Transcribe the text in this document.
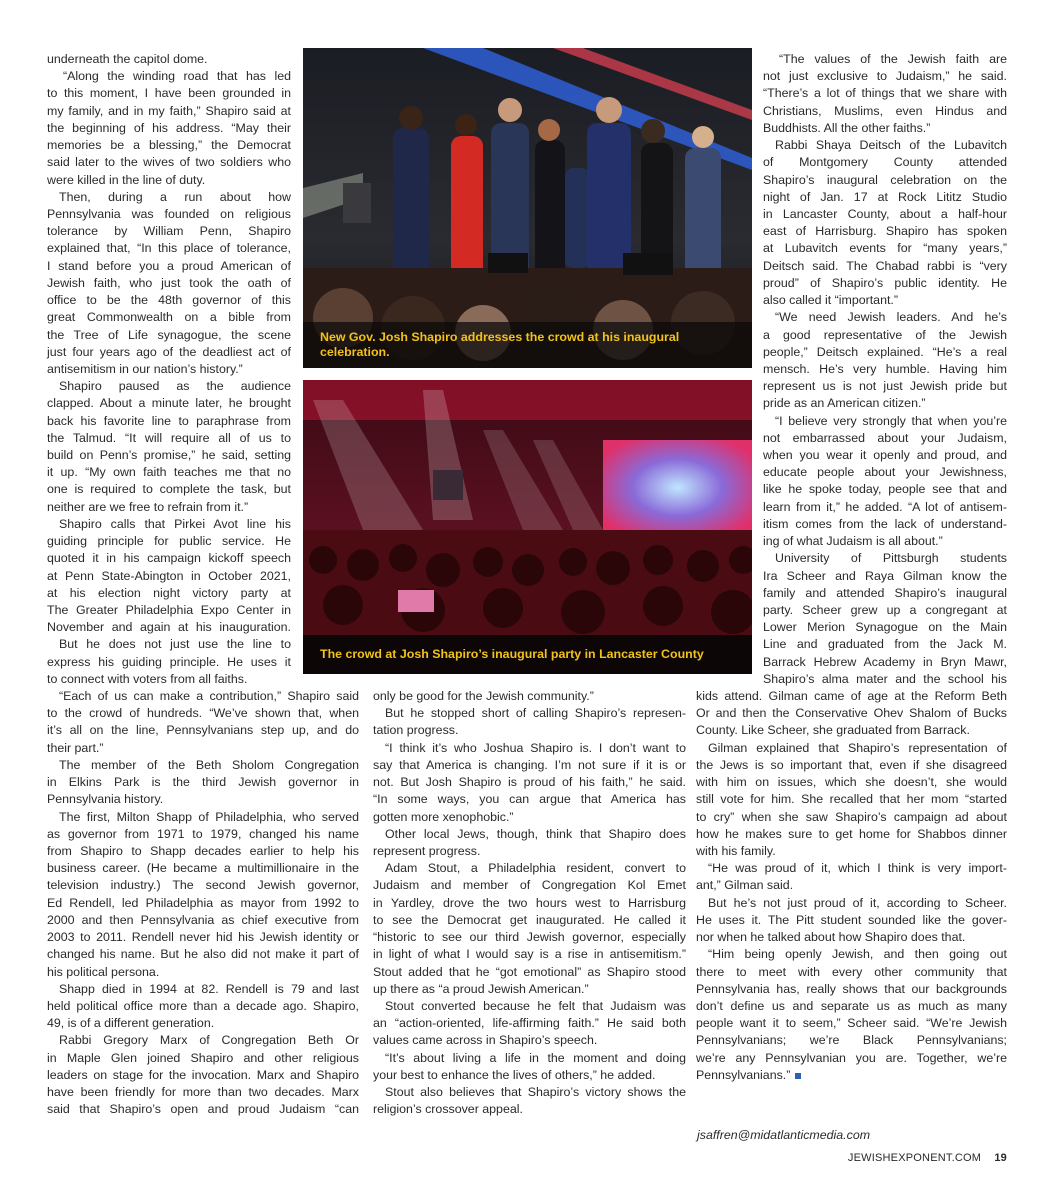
New Gov. Josh Shapiro addresses the crowd at his inaugural
celebration.
The crowd at Josh Shapiro’s inaugural party in Lancaster County
underneath the capitol dome.
“Along the winding road that has led
to this moment, I have been grounded in
my family, and in my faith,” Shapiro said at
the beginning of his address. “May their
memories be a blessing,” the Democrat
said later to the wives of two soldiers who
were killed in the line of duty.
Then, during a run about how
Pennsylvania was founded on religious
tolerance by William Penn, Shapiro
explained that, “In this place of tolerance,
I stand before you a proud American of
Jewish faith, who just took the oath of
office to be the 48th governor of this
great Commonwealth on a bible from
the Tree of Life synagogue, the scene
just four years ago of the deadliest act of
antisemitism in our nation’s history.”
Shapiro paused as the audience
clapped. About a minute later, he brought
back his favorite line to paraphrase from
the Talmud. “It will require all of us to
build on Penn’s promise,” he said, setting
it up. “My own faith teaches me that no
one is required to complete the task, but
neither are we free to refrain from it.”
Shapiro calls that Pirkei Avot line his
guiding principle for public service. He
quoted it in his campaign kickoff speech
at Penn State-Abington in October 2021,
at his election night victory party at
The Greater Philadelphia Expo Center in
November and again at his inauguration.
But he does not just use the line to
express his guiding principle. He uses it
to connect with voters from all faiths.
“Each of us can make a contribution,” Shapiro said
to the crowd of hundreds. “We’ve shown that, when
it’s all on the line, Pennsylvanians step up, and do
their part.”
The member of the Beth Sholom Congregation
in Elkins Park is the third Jewish governor in
Pennsylvania history.
The first, Milton Shapp of Philadelphia, who served
as governor from 1971 to 1979, changed his name
from Shapiro to Shapp decades earlier to help his
business career. (He became a multimillionaire in the
television industry.) The second Jewish governor,
Ed Rendell, led Philadelphia as mayor from 1992 to
2000 and then Pennsylvania as chief executive from
2003 to 2011. Rendell never hid his Jewish identity or
changed his name. But he also did not make it part of
his political persona.
Shapp died in 1994 at 82. Rendell is 79 and last
held political office more than a decade ago. Shapiro,
49, is of a different generation.
Rabbi Gregory Marx of Congregation Beth Or
in Maple Glen joined Shapiro and other religious
leaders on stage for the invocation. Marx and Shapiro
have been friendly for more than two decades. Marx
said that Shapiro’s open and proud Judaism “can
only be good for the Jewish community.”
But he stopped short of calling Shapiro’s represen-
tation progress.
“I think it’s who Joshua Shapiro is. I don’t want to
say that America is changing. I’m not sure if it is or
not. But Josh Shapiro is proud of his faith,” he said.
“In some ways, you can argue that America has
gotten more xenophobic.”
Other local Jews, though, think that Shapiro does
represent progress.
Adam Stout, a Philadelphia resident, convert to
Judaism and member of Congregation Kol Emet
in Yardley, drove the two hours west to Harrisburg
to see the Democrat get inaugurated. He called it
“historic to see our third Jewish governor, especially
in light of what I would say is a rise in antisemitism.”
Stout added that he “got emotional” as Shapiro stood
up there as “a proud Jewish American.”
Stout converted because he felt that Judaism was
an “action-oriented, life-affirming faith.” He said both
values came across in Shapiro’s speech.
“It’s about living a life in the moment and doing
your best to enhance the lives of others,” he added.
Stout also believes that Shapiro’s victory shows the
religion’s crossover appeal.
“The values of the Jewish faith are
not just exclusive to Judaism,” he said.
“There’s a lot of things that we share with
Christians, Muslims, even Hindus and
Buddhists. All the other faiths.”
Rabbi Shaya Deitsch of the Lubavitch
of Montgomery County attended
Shapiro’s inaugural celebration on the
night of Jan. 17 at Rock Lititz Studio
in Lancaster County, about a half-hour
east of Harrisburg. Shapiro has spoken
at Lubavitch events for “many years,”
Deitsch said. The Chabad rabbi is “very
proud” of Shapiro’s public identity. He
also called it “important.”
“We need Jewish leaders. And he’s
a good representative of the Jewish
people,” Deitsch explained. “He’s a real
mensch. He’s very humble. Having him
represent us is not just Jewish pride but
pride as an American citizen.”
“I believe very strongly that when you’re
not embarrassed about your Judaism,
when you wear it openly and proud, and
educate people about your Jewishness,
like he spoke today, people see that and
learn from it,” he added. “A lot of antisem-
itism comes from the lack of understand-
ing of what Judaism is all about.”
University of Pittsburgh students
Ira Scheer and Raya Gilman know the
family and attended Shapiro’s inaugural
party. Scheer grew up a congregant at
Lower Merion Synagogue on the Main
Line and graduated from the Jack M.
Barrack Hebrew Academy in Bryn Mawr,
Shapiro’s alma mater and the school his
kids attend. Gilman came of age at the Reform Beth
Or and then the Conservative Ohev Shalom of Bucks
County. Like Scheer, she graduated from Barrack.
Gilman explained that Shapiro’s representation of
the Jews is so important that, even if she disagreed
with him on issues, which she doesn’t, she would
still vote for him. She recalled that her mom “started
to cry” when she saw Shapiro’s campaign ad about
how he makes sure to get home for Shabbos dinner
with his family.
“He was proud of it, which I think is very import-
ant,” Gilman said.
But he’s not just proud of it, according to Scheer.
He uses it. The Pitt student sounded like the gover-
nor when he talked about how Shapiro does that.
“Him being openly Jewish, and then going out
there to meet with every other community that
Pennsylvania has, really shows that our backgrounds
don’t define us and separate us as much as many
people want it to seem,” Scheer said. “We’re Jewish
Pennsylvanians; we’re Black Pennsylvanians;
we’re any Pennsylvanian you are. Together, we’re
Pennsylvanians.”
jsaffren@midatlanticmedia.com
JEWISHEXPONENT.COM 19
